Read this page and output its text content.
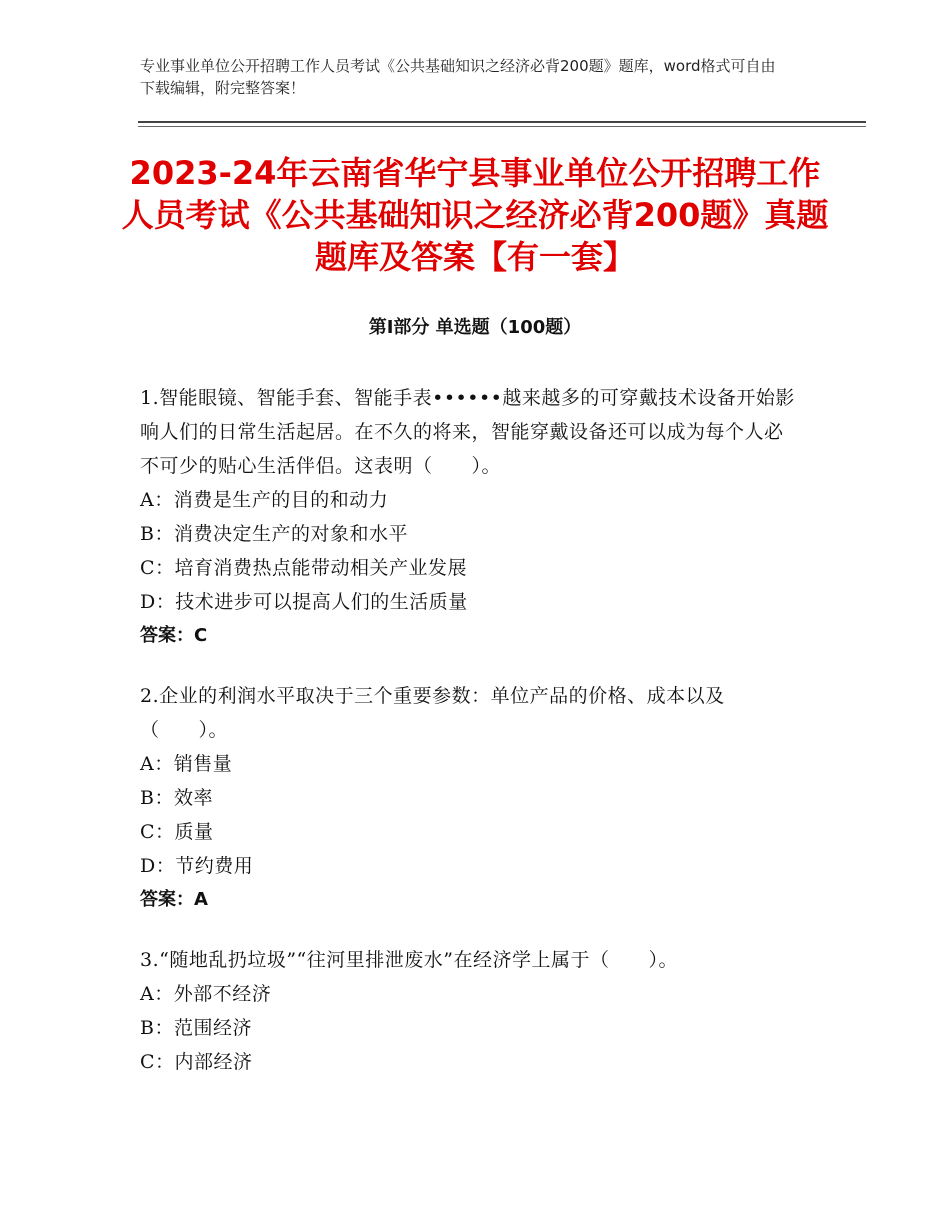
专业事业单位公开招聘工作人员考试《公共基础知识之经济必背200题》题库，word格式可自由下载编辑，附完整答案！
2023-24年云南省华宁县事业单位公开招聘工作人员考试《公共基础知识之经济必背200题》真题题库及答案【有一套】
第Ⅰ部分 单选题（100题）
1.智能眼镜、智能手套、智能手表••••••越来越多的可穿戴技术设备开始影响人们的日常生活起居。在不久的将来，智能穿戴设备还可以成为每个人必不可少的贴心生活伴侣。这表明（　　）。
A：消费是生产的目的和动力
B：消费决定生产的对象和水平
C：培育消费热点能带动相关产业发展
D：技术进步可以提高人们的生活质量
答案：C
2.企业的利润水平取决于三个重要参数：单位产品的价格、成本以及（　　）。
A：销售量
B：效率
C：质量
D：节约费用
答案：A
3.“随地乱扔垃圾”“往河里排泄废水”在经济学上属于（　　）。
A：外部不经济
B：范围经济
C：内部经济
